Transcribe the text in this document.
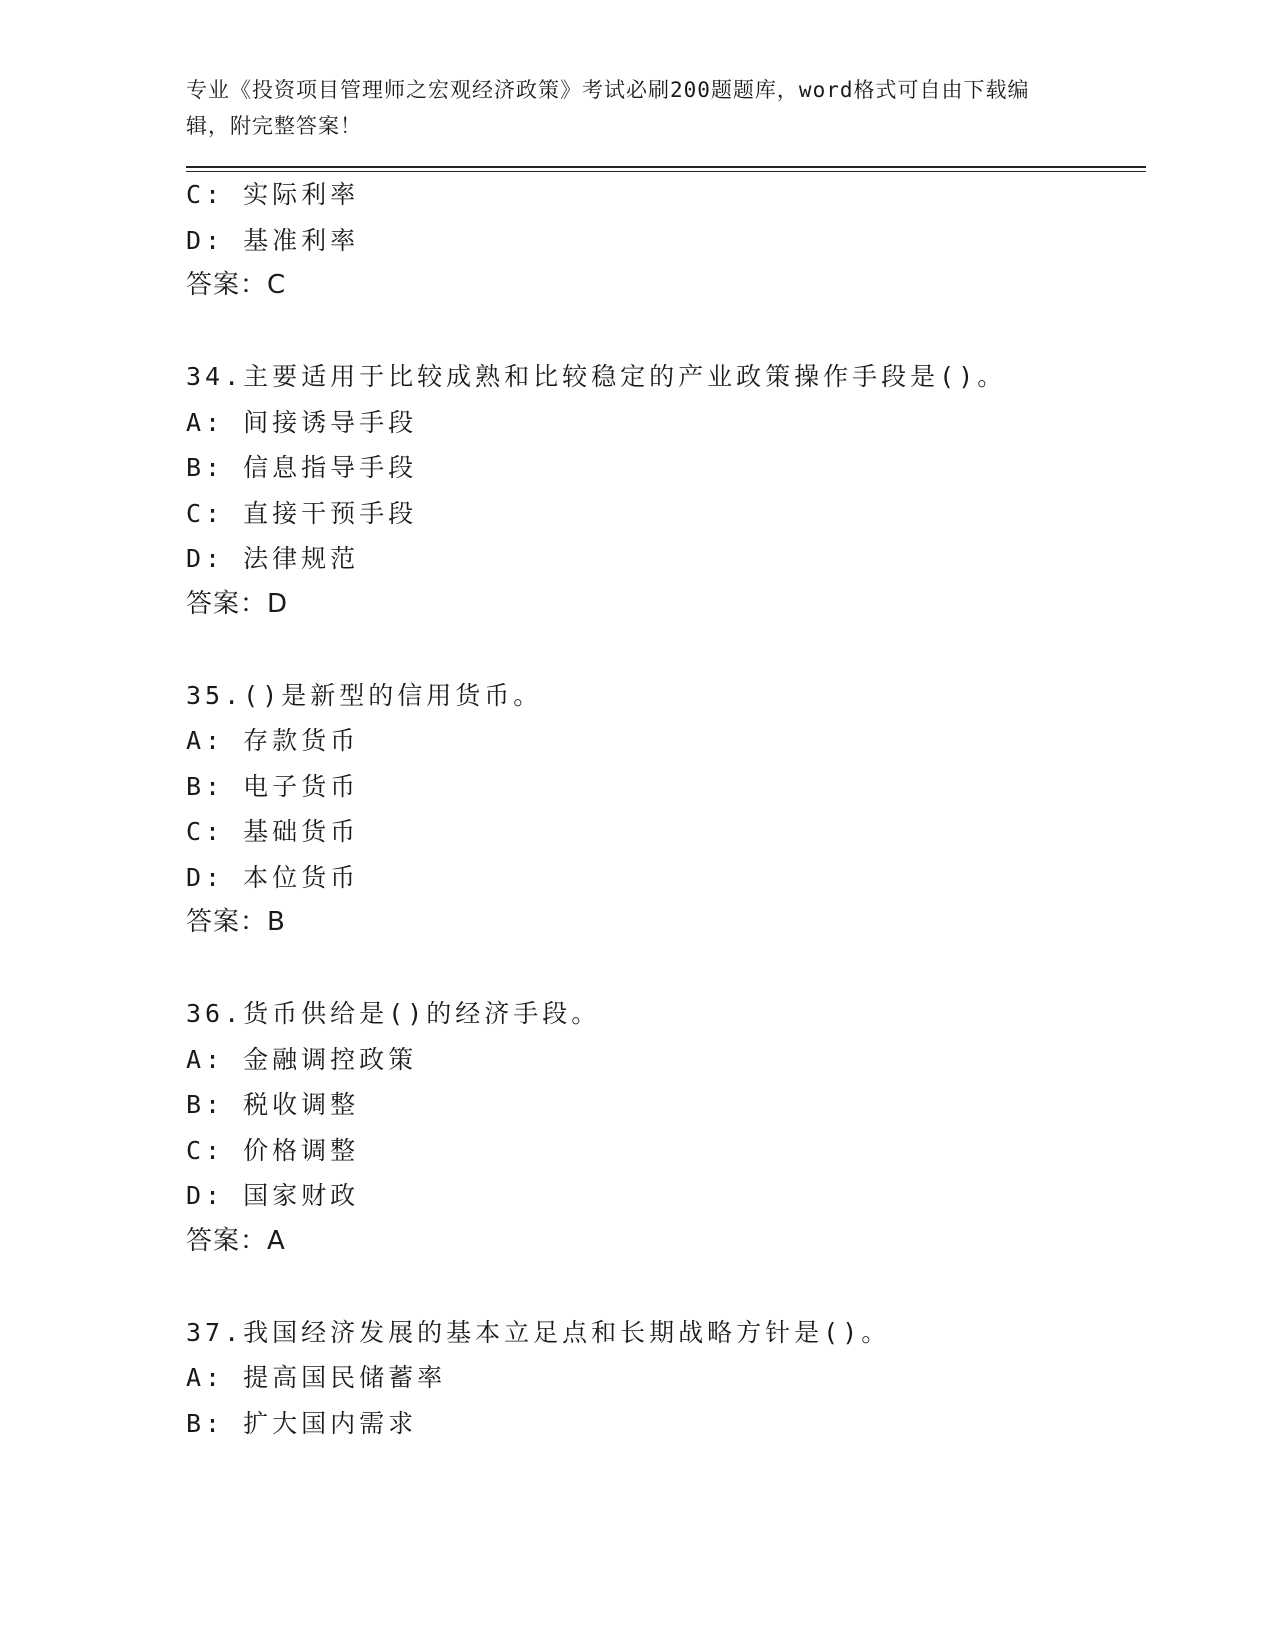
专业《投资项目管理师之宏观经济政策》考试必刷200题题库，word格式可自由下载编辑，附完整答案！

C: 实际利率
D: 基准利率
答案：C
34.主要适用于比较成熟和比较稳定的产业政策操作手段是()。
A: 间接诱导手段
B: 信息指导手段
C: 直接干预手段
D: 法律规范
答案：D
35.()是新型的信用货币。
A: 存款货币
B: 电子货币
C: 基础货币
D: 本位货币
答案：B
36.货币供给是()的经济手段。
A: 金融调控政策
B: 税收调整
C: 价格调整
D: 国家财政
答案：A
37.我国经济发展的基本立足点和长期战略方针是()。
A: 提高国民储蓄率
B: 扩大国内需求
